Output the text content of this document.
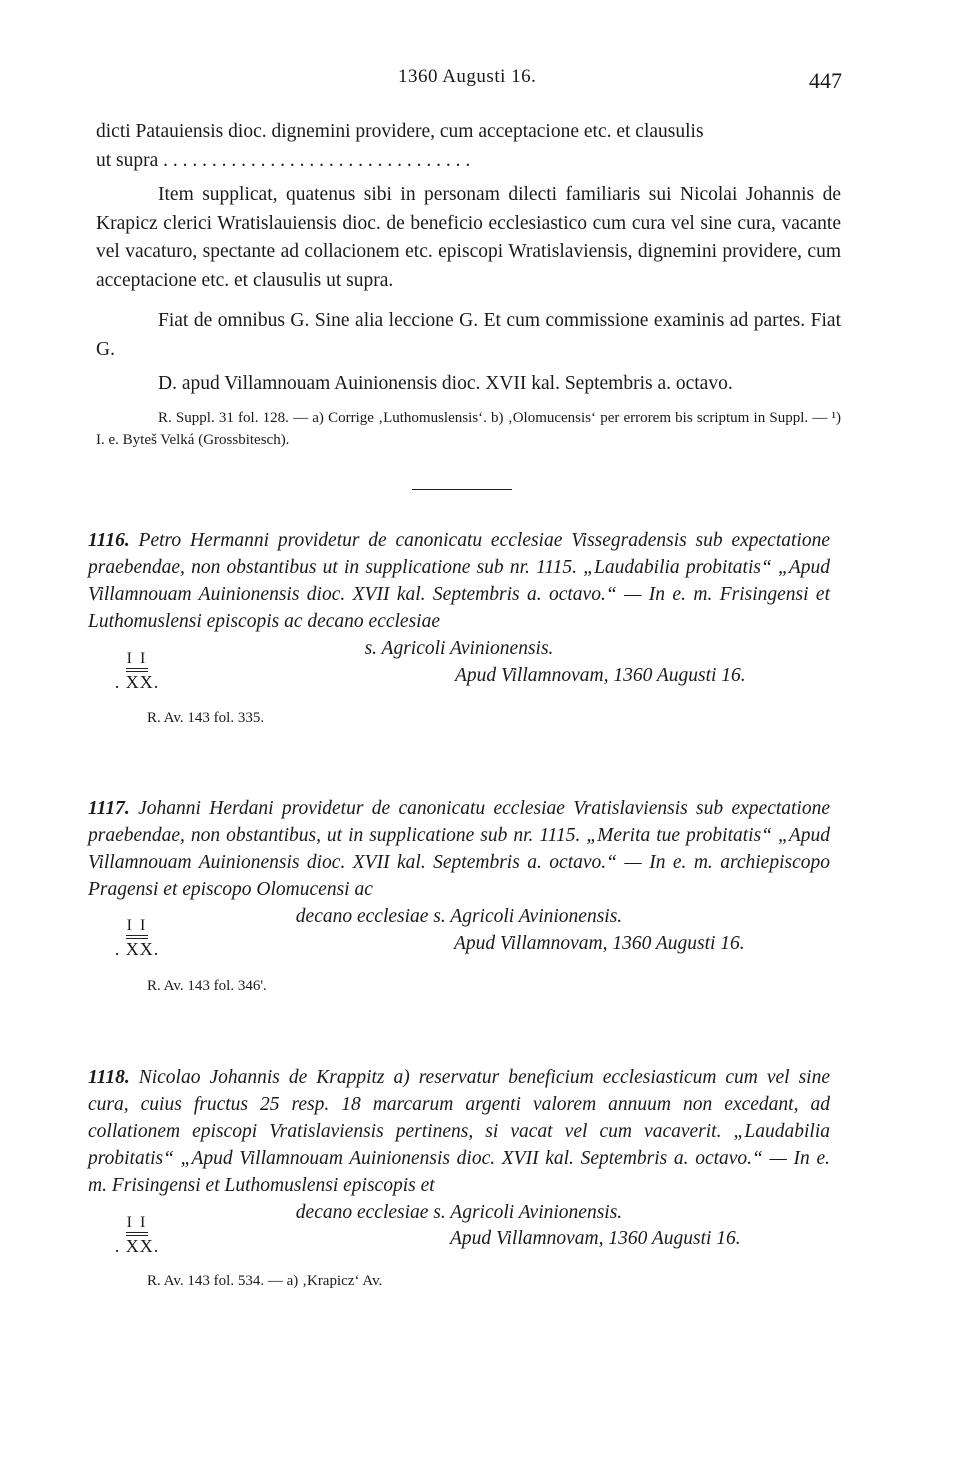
1360 Augusti 16.	447

dicti Patauiensis dioc. dignemini providere, cum acceptacione etc. et clausulis

ut supra . . . . . . . . . . . . . . . . . . . . . . . . . . . . . . . .

Item supplicat, quatenus sibi in personam dilecti familiaris sui Nicolai Johannis de Krapicz clerici Wratislauiensis dioc. de beneficio ecclesiastico cum cura vel sine cura, vacante vel vacaturo, spectante ad collacionem etc. episcopi Wratislaviensis, dignemini providere, cum acceptacione etc. et clausulis ut supra.

Fiat de omnibus G. Sine alia leccione G. Et cum commissione examinis ad partes. Fiat G.

D. apud Villamnouam Auinionensis dioc. XVII kal. Septembris a. octavo.

R. Suppl. 31 fol. 128. — a) Corrige ‚Luthomuslensis‘. b) ‚Olomucensis‘ per errorem bis scriptum in Suppl. — ¹) I. e. Byteš Velká (Grossbitesch).

1116. Petro Hermanni providetur de canonicatu ecclesiae Vissegradensis sub expectatione praebendae, non obstantibus ut in supplicatione sub nr. 1115. „Laudabilia probitatis“ „Apud Villamnouam Auinionensis dioc. XVII kal. Septembris a. octavo.“ — In e. m. Frisingensi et Luthomuslensi episcopis ac decano ecclesiae

s. Agricoli Avinionensis.

I I
. XX.	Apud Villamnovam, 1360 Augusti 16.
R. Av. 143 fol. 335.

1117. Johanni Herdani providetur de canonicatu ecclesiae Vratislaviensis sub expectatione praebendae, non obstantibus, ut in supplicatione sub nr. 1115. „Merita tue probitatis“ „Apud Villamnouam Auinionensis dioc. XVII kal. Septembris a. octavo.“ — In e. m. archiepiscopo Pragensi et episcopo Olomucensi ac

decano ecclesiae s. Agricoli Avinionensis.

I I
. XX.	Apud Villamnovam, 1360 Augusti 16.
R. Av. 143 fol. 346'.

1118. Nicolao Johannis de Krappitz a) reservatur beneficium ecclesiasticum cum vel sine cura, cuius fructus 25 resp. 18 marcarum argenti valorem annuum non excedant, ad collationem episcopi Vratislaviensis pertinens, si vacat vel cum vacaverit. „Laudabilia probitatis“ „Apud Villamnouam Auinionensis dioc. XVII kal. Septembris a. octavo.“ — In e. m. Frisingensi et Luthomuslensi episcopis et

decano ecclesiae s. Agricoli Avinionensis.

I I
. XX.	Apud Villamnovam, 1360 Augusti 16.
R. Av. 143 fol. 534. — a) ‚Krapicz‘ Av.
